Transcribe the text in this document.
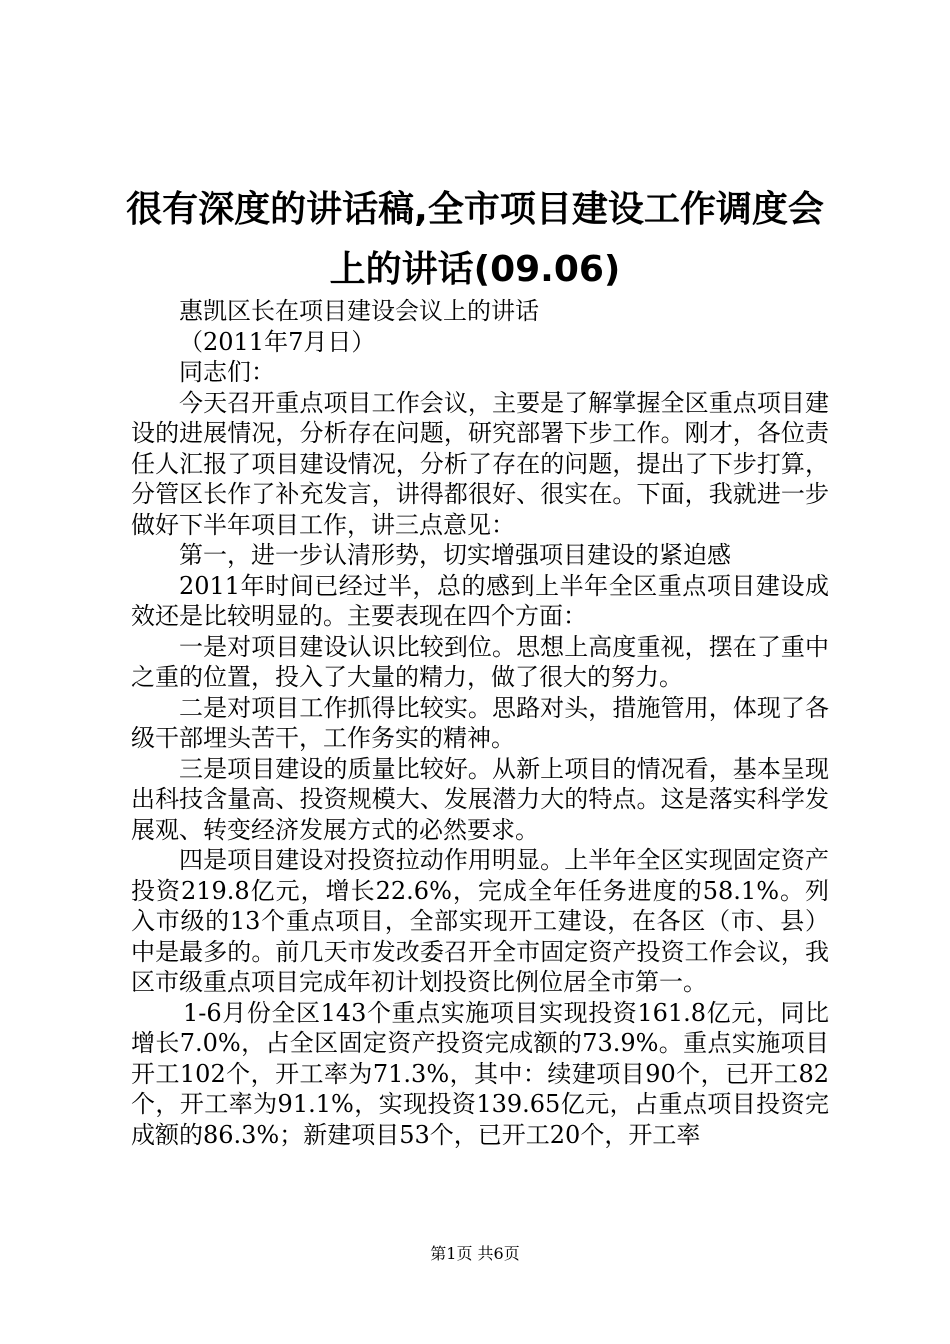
很有深度的讲话稿,全市项目建设工作调度会
上的讲话(09.06)

惠凯区长在项目建设会议上的讲话

（2011年7月日）

同志们：

今天召开重点项目工作会议，主要是了解掌握全区重点项目建设的进展情况，分析存在问题，研究部署下步工作。刚才，各位责任人汇报了项目建设情况，分析了存在的问题，提出了下步打算，分管区长作了补充发言，讲得都很好、很实在。下面，我就进一步做好下半年项目工作，讲三点意见：

第一，进一步认清形势，切实增强项目建设的紧迫感

2011年时间已经过半，总的感到上半年全区重点项目建设成效还是比较明显的。主要表现在四个方面：

一是对项目建设认识比较到位。思想上高度重视，摆在了重中之重的位置，投入了大量的精力，做了很大的努力。

二是对项目工作抓得比较实。思路对头，措施管用，体现了各级干部埋头苦干，工作务实的精神。

三是项目建设的质量比较好。从新上项目的情况看，基本呈现出科技含量高、投资规模大、发展潜力大的特点。这是落实科学发展观、转变经济发展方式的必然要求。

四是项目建设对投资拉动作用明显。上半年全区实现固定资产投资219.8亿元，增长22.6%，完成全年任务进度的58.1%。列入市级的13个重点项目，全部实现开工建设，在各区（市、县）中是最多的。前几天市发改委召开全市固定资产投资工作会议，我区市级重点项目完成年初计划投资比例位居全市第一。

1-6月份全区143个重点实施项目实现投资161.8亿元，同比增长7.0%，占全区固定资产投资完成额的73.9%。重点实施项目开工102个，开工率为71.3%，其中：续建项目90个，已开工82个，开工率为91.1%，实现投资139.65亿元，占重点项目投资完成额的86.3%；新建项目53个，已开工20个，开工率

第1页 共6页
